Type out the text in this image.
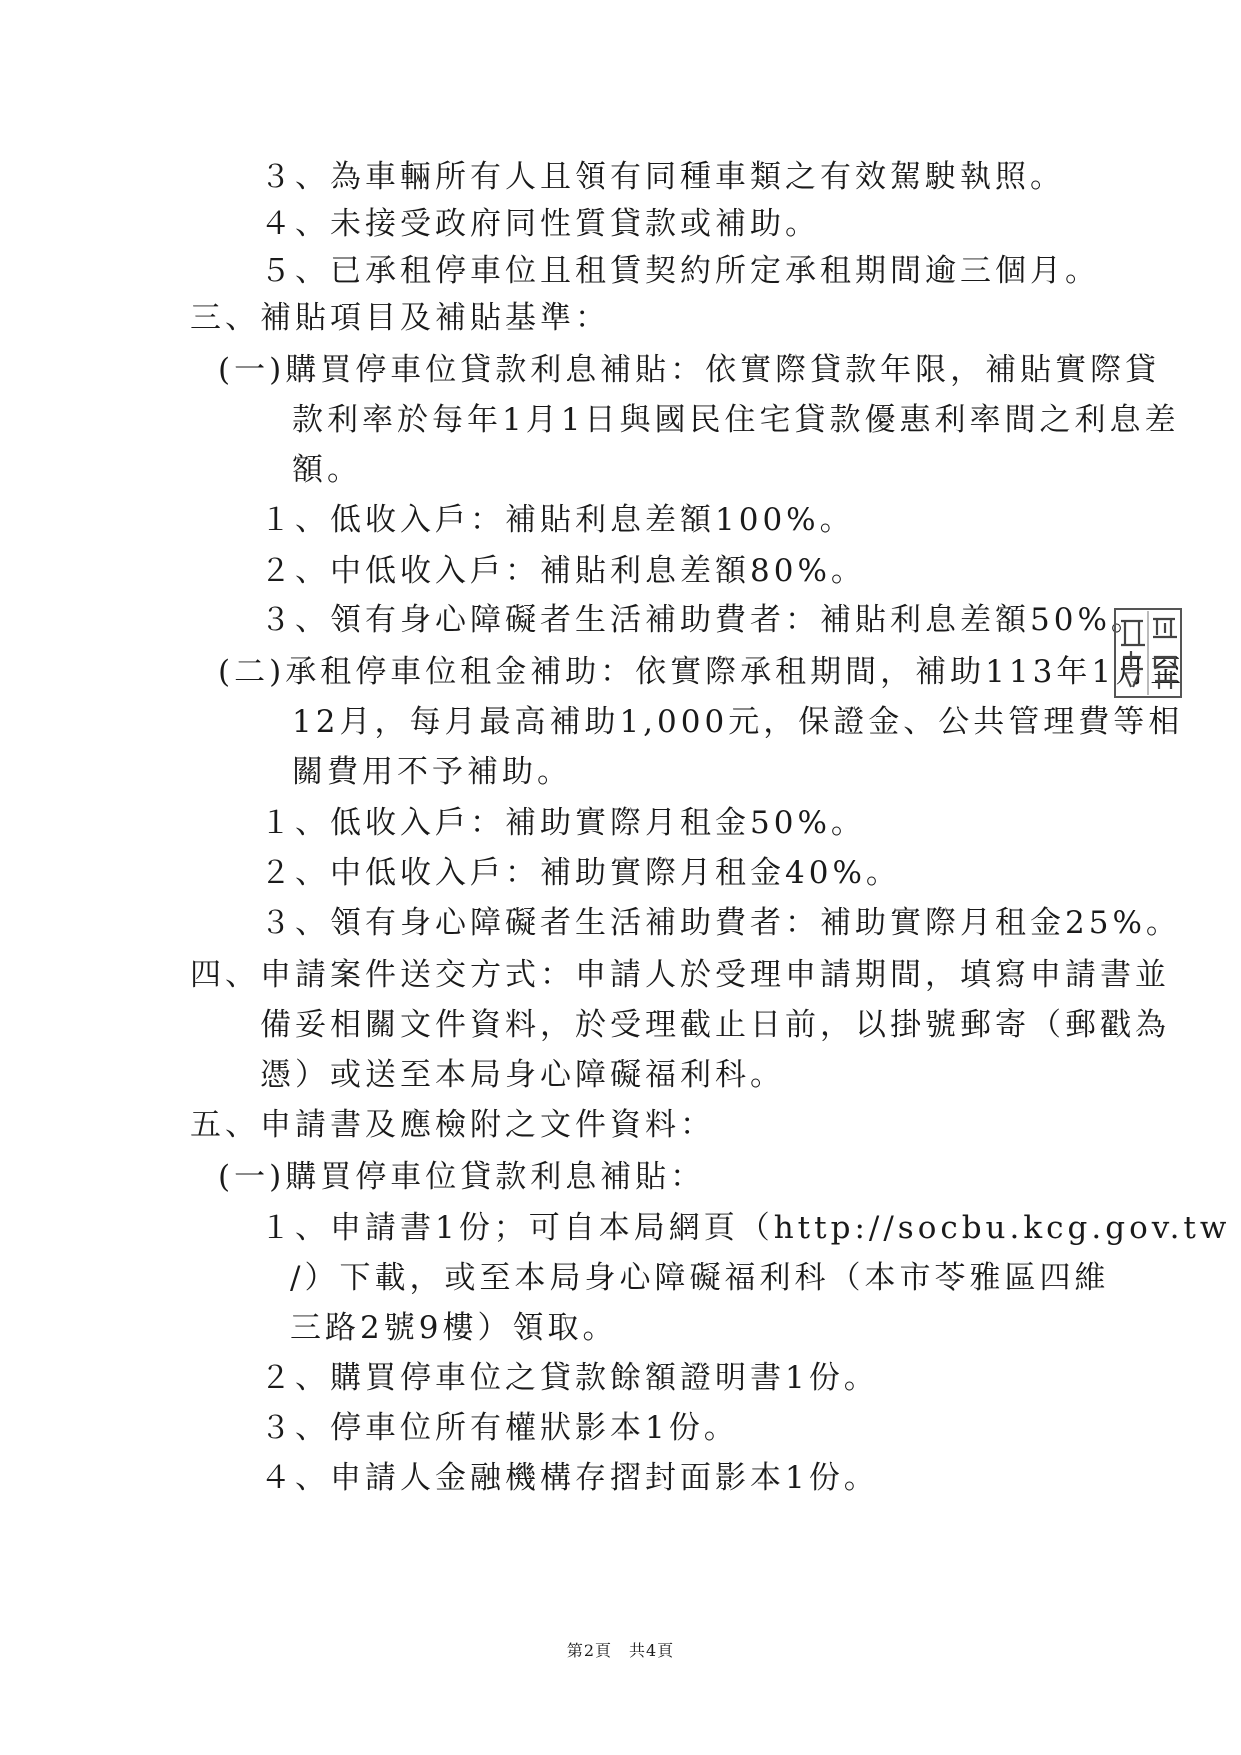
３、為車輛所有人且領有同種車類之有效駕駛執照。
４、未接受政府同性質貸款或補助。
５、已承租停車位且租賃契約所定承租期間逾三個月。
三、補貼項目及補貼基準：
(一)購買停車位貸款利息補貼：依實際貸款年限，補貼實際貸
款利率於每年1月1日與國民住宅貸款優惠利率間之利息差
額。
１、低收入戶：補貼利息差額100%。
２、中低收入戶：補貼利息差額80%。
３、領有身心障礙者生活補助費者：補貼利息差額50%。
(二)承租停車位租金補助：依實際承租期間，補助113年1月至
12月，每月最高補助1,000元，保證金、公共管理費等相
關費用不予補助。
１、低收入戶：補助實際月租金50%。
２、中低收入戶：補助實際月租金40%。
３、領有身心障礙者生活補助費者：補助實際月租金25%。
四、申請案件送交方式：申請人於受理申請期間，填寫申請書並
備妥相關文件資料，於受理截止日前，以掛號郵寄（郵戳為
憑）或送至本局身心障礙福利科。
五、申請書及應檢附之文件資料：
(一)購買停車位貸款利息補貼：
１、申請書1份；可自本局網頁（http://socbu.kcg.gov.tw
/）下載，或至本局身心障礙福利科（本市苓雅區四維
三路2號9樓）領取。
２、購買停車位之貸款餘額證明書1份。
３、停車位所有權狀影本1份。
４、申請人金融機構存摺封面影本1份。
第2頁　共4頁
